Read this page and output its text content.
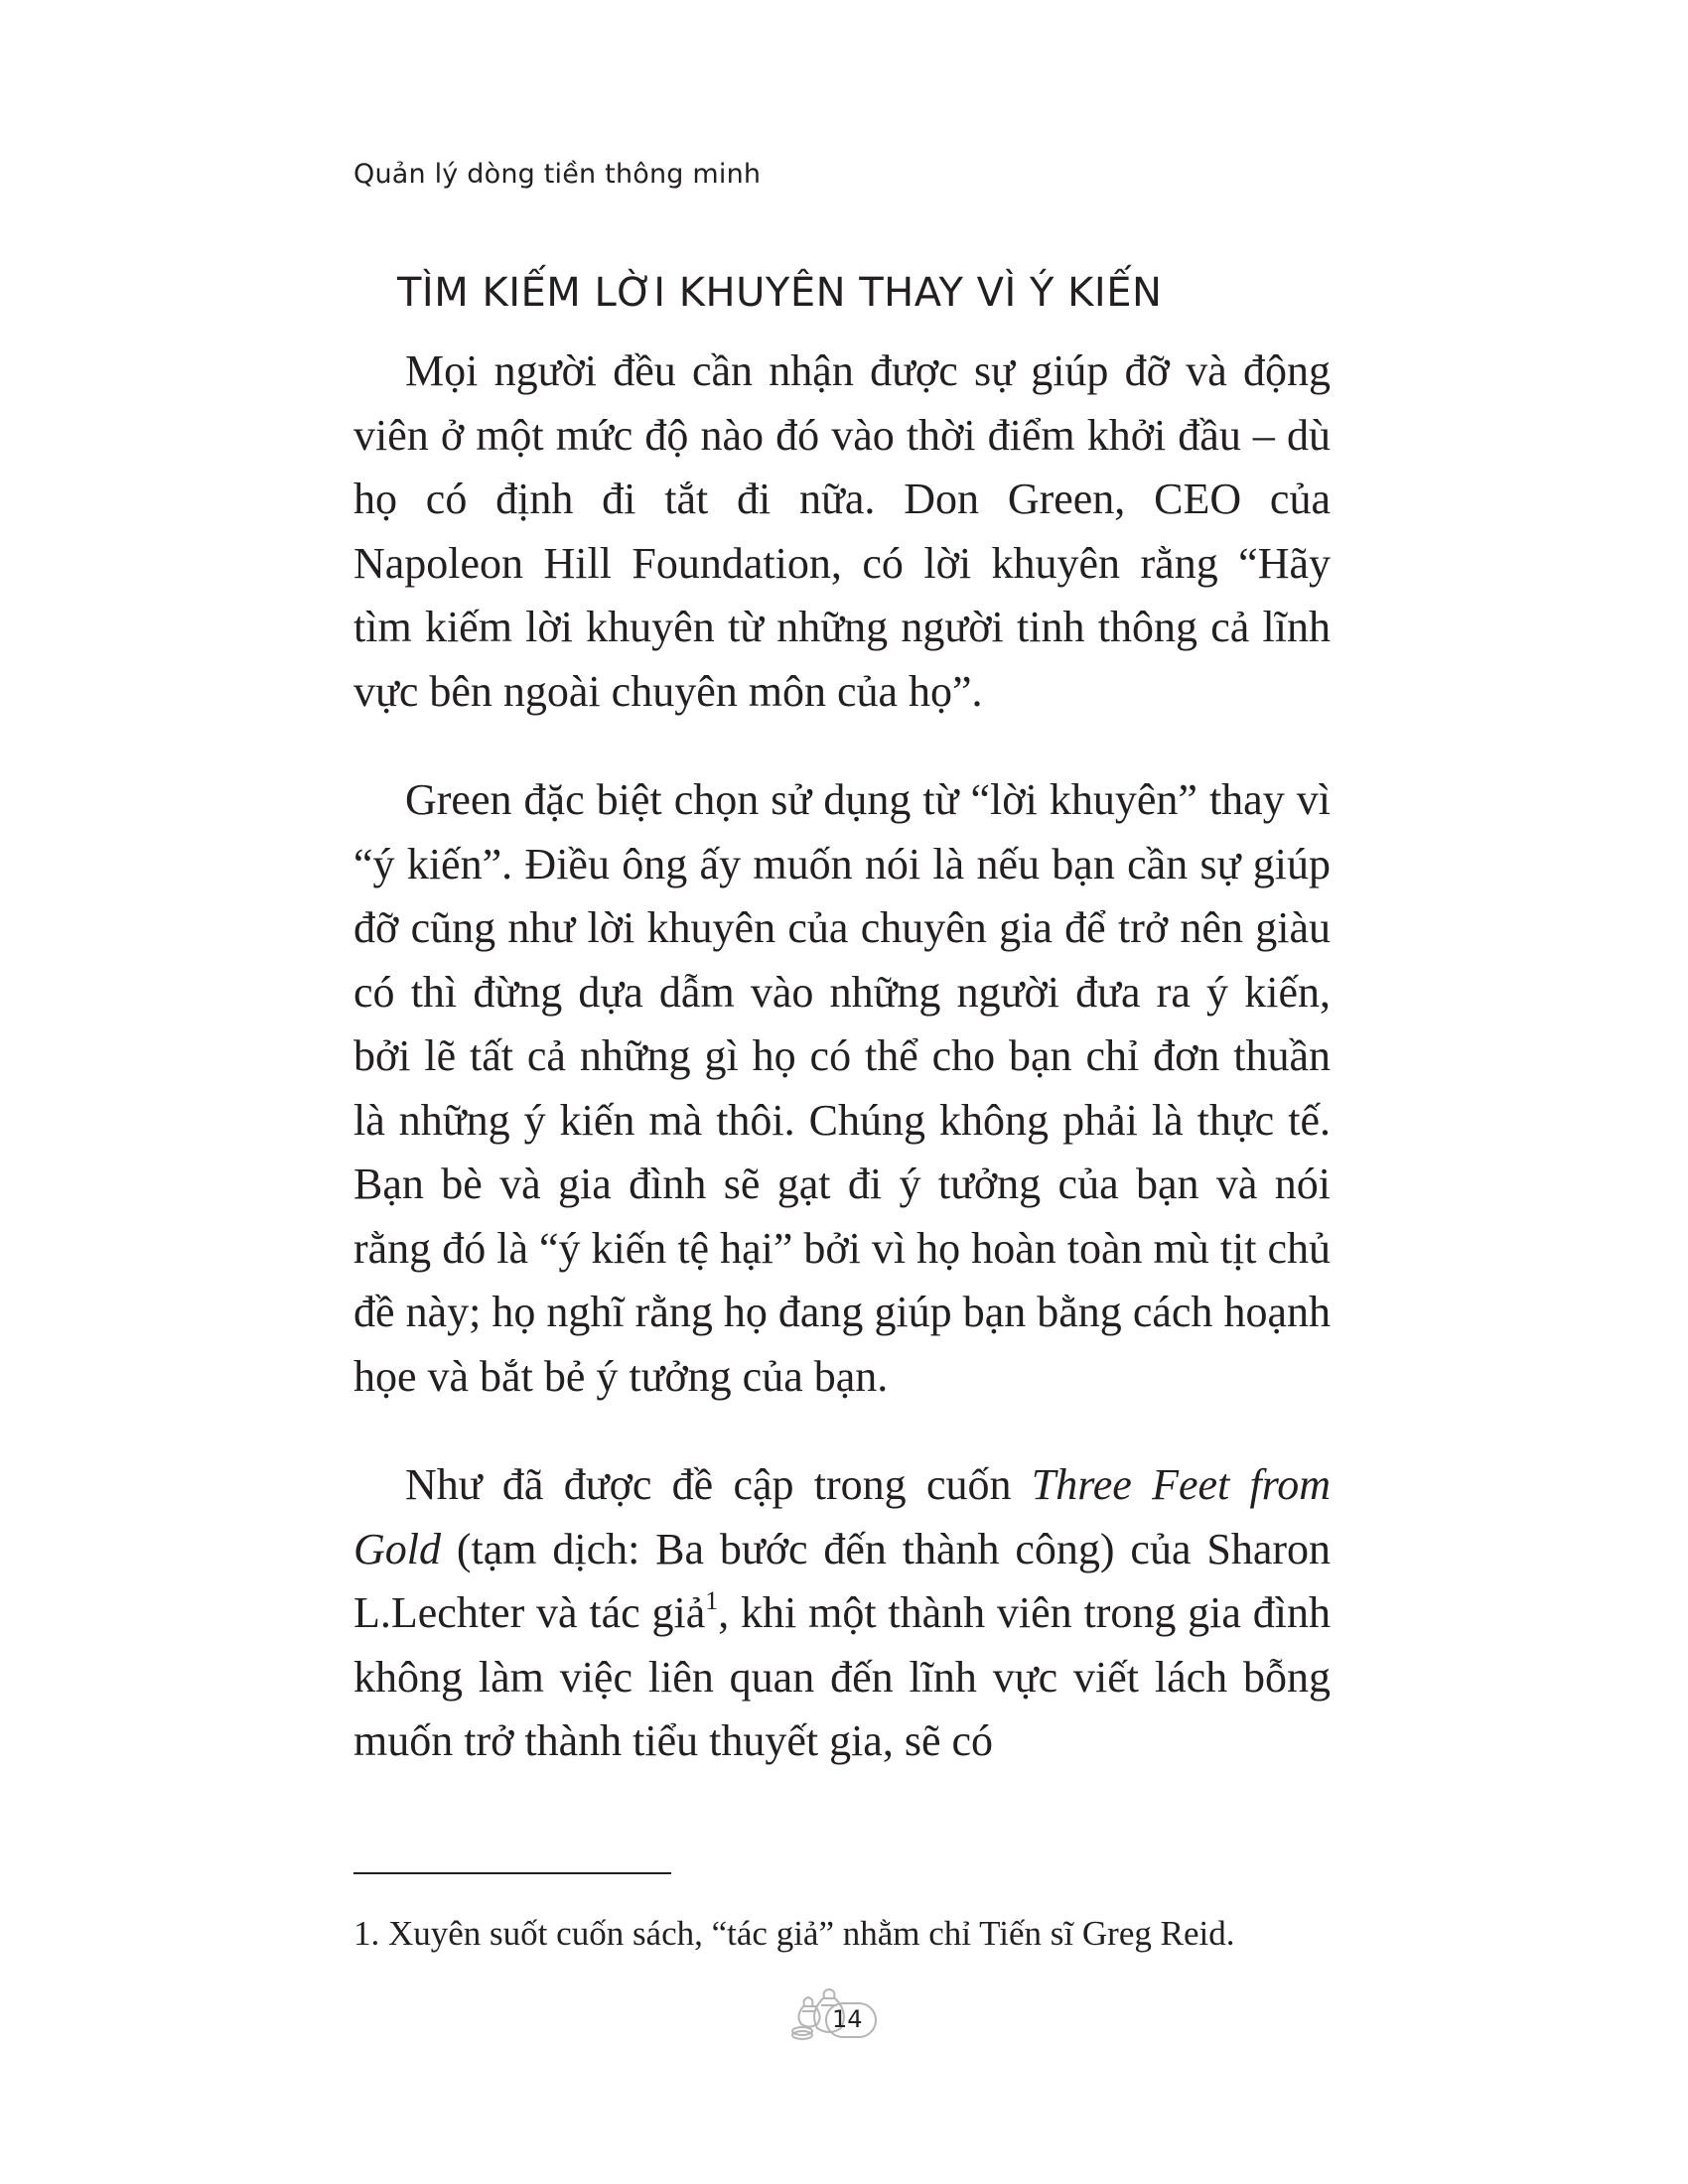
Quản lý dòng tiền thông minh
TÌM KIẾM LỜI KHUYÊN THAY VÌ Ý KIẾN

Mọi người đều cần nhận được sự giúp đỡ và động viên ở một mức độ nào đó vào thời điểm khởi đầu – dù họ có định đi tắt đi nữa. Don Green, CEO của Napoleon Hill Foundation, có lời khuyên rằng “Hãy tìm kiếm lời khuyên từ những người tinh thông cả lĩnh vực bên ngoài chuyên môn của họ”.

Green đặc biệt chọn sử dụng từ “lời khuyên” thay vì “ý kiến”. Điều ông ấy muốn nói là nếu bạn cần sự giúp đỡ cũng như lời khuyên của chuyên gia để trở nên giàu có thì đừng dựa dẫm vào những người đưa ra ý kiến, bởi lẽ tất cả những gì họ có thể cho bạn chỉ đơn thuần là những ý kiến mà thôi. Chúng không phải là thực tế. Bạn bè và gia đình sẽ gạt đi ý tưởng của bạn và nói rằng đó là “ý kiến tệ hại” bởi vì họ hoàn toàn mù tịt chủ đề này; họ nghĩ rằng họ đang giúp bạn bằng cách hoạnh họe và bắt bẻ ý tưởng của bạn.

Như đã được đề cập trong cuốn Three Feet from Gold (tạm dịch: Ba bước đến thành công) của Sharon L.Lechter và tác giả$^1$, khi một thành viên trong gia đình không làm việc liên quan đến lĩnh vực viết lách bỗng muốn trở thành tiểu thuyết gia, sẽ có

1. Xuyên suốt cuốn sách, “tác giả” nhằm chỉ Tiến sĩ Greg Reid.
14
